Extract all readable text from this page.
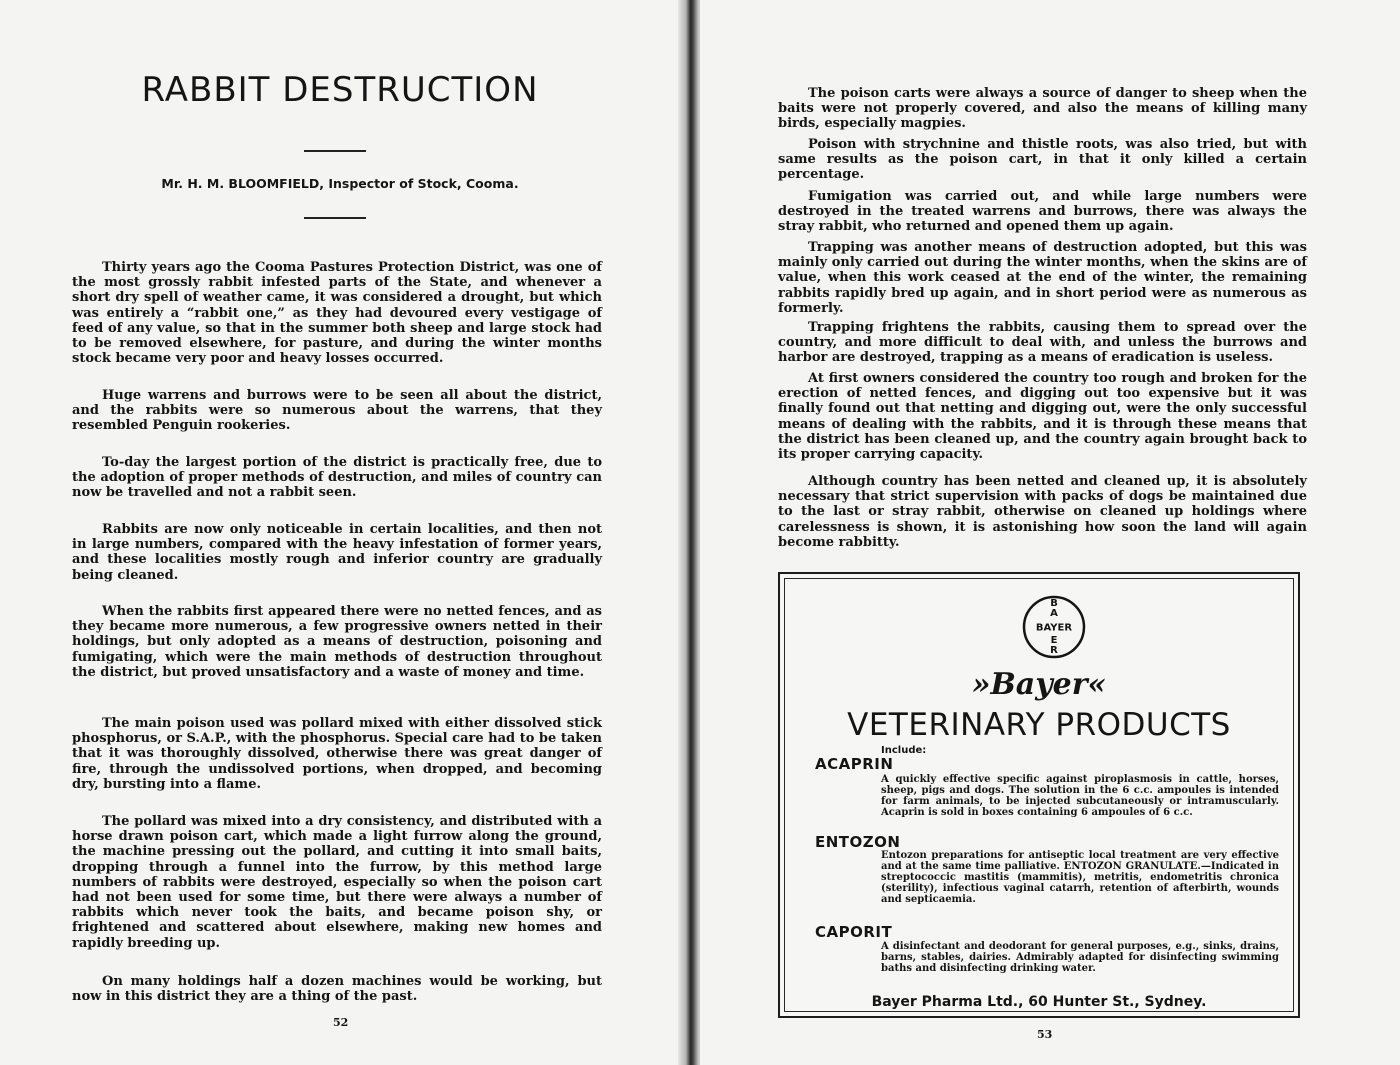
RABBIT DESTRUCTION
Mr. H. M. BLOOMFIELD, Inspector of Stock, Cooma.

Thirty years ago the Cooma Pastures Protection District, was one of the most grossly rabbit infested parts of the State, and whenever a short dry spell of weather came, it was considered a drought, but which was entirely a “rabbit one,” as they had devoured every vestigage of feed of any value, so that in the summer both sheep and large stock had to be removed elsewhere, for pasture, and during the winter months stock became very poor and heavy losses occurred.

Huge warrens and burrows were to be seen all about the district, and the rabbits were so numerous about the warrens, that they resembled Penguin rookeries.

To-day the largest portion of the district is practically free, due to the adoption of proper methods of destruction, and miles of country can now be travelled and not a rabbit seen.

Rabbits are now only noticeable in certain localities, and then not in large numbers, compared with the heavy infestation of former years, and these localities mostly rough and inferior country are gradually being cleaned.

When the rabbits first appeared there were no netted fences, and as they became more numerous, a few progressive owners netted in their holdings, but only adopted as a means of destruction, poisoning and fumigating, which were the main methods of destruction throughout the district, but proved unsatisfactory and a waste of money and time.

The main poison used was pollard mixed with either dissolved stick phosphorus, or S.A.P., with the phosphorus. Special care had to be taken that it was thoroughly dissolved, otherwise there was great danger of fire, through the undissolved portions, when dropped, and becoming dry, bursting into a flame.

The pollard was mixed into a dry consistency, and distributed with a horse drawn poison cart, which made a light furrow along the ground, the machine pressing out the pollard, and cutting it into small baits, dropping through a funnel into the furrow, by this method large numbers of rabbits were destroyed, especially so when the poison cart had not been used for some time, but there were always a number of rabbits which never took the baits, and became poison shy, or frightened and scattered about elsewhere, making new homes and rapidly breeding up.

On many holdings half a dozen machines would be working, but now in this district they are a thing of the past.

52

The poison carts were always a source of danger to sheep when the baits were not properly covered, and also the means of killing many birds, especially magpies.

Poison with strychnine and thistle roots, was also tried, but with same results as the poison cart, in that it only killed a certain percentage.

Fumigation was carried out, and while large numbers were destroyed in the treated warrens and burrows, there was always the stray rabbit, who returned and opened them up again.

Trapping was another means of destruction adopted, but this was mainly only carried out during the winter months, when the skins are of value, when this work ceased at the end of the winter, the remaining rabbits rapidly bred up again, and in short period were as numerous as formerly.

Trapping frightens the rabbits, causing them to spread over the country, and more difficult to deal with, and unless the burrows and harbor are destroyed, trapping as a means of eradication is useless.

At first owners considered the country too rough and broken for the erection of netted fences, and digging out too expensive but it was finally found out that netting and digging out, were the only successful means of dealing with the rabbits, and it is through these means that the district has been cleaned up, and the country again brought back to its proper carrying capacity.

Although country has been netted and cleaned up, it is absolutely necessary that strict supervision with packs of dogs be maintained due to the last or stray rabbit, otherwise on cleaned up holdings where carelessness is shown, it is astonishing how soon the land will again become rabbitty.

BAYER
B
A
E
R
»Bayer«
VETERINARY PRODUCTS
Include:
ACAPRIN

A quickly effective specific against piroplasmosis in cattle, horses, sheep, pigs and dogs. The solution in the 6 c.c. ampoules is intended for farm animals, to be injected subcutaneously or intramuscularly. Acaprin is sold in boxes containing 6 ampoules of 6 c.c.

ENTOZON

Entozon preparations for antiseptic local treatment are very effective and at the same time palliative. ENTOZON GRANULATE.—Indicated in streptococcic mastitis (mammitis), metritis, endometritis chronica (sterility), infectious vaginal catarrh, retention of afterbirth, wounds and septicaemia.

CAPORIT

A disinfectant and deodorant for general purposes, e.g., sinks, drains, barns, stables, dairies. Admirably adapted for disinfecting swimming baths and disinfecting drinking water.

Bayer Pharma Ltd., 60 Hunter St., Sydney.
53
